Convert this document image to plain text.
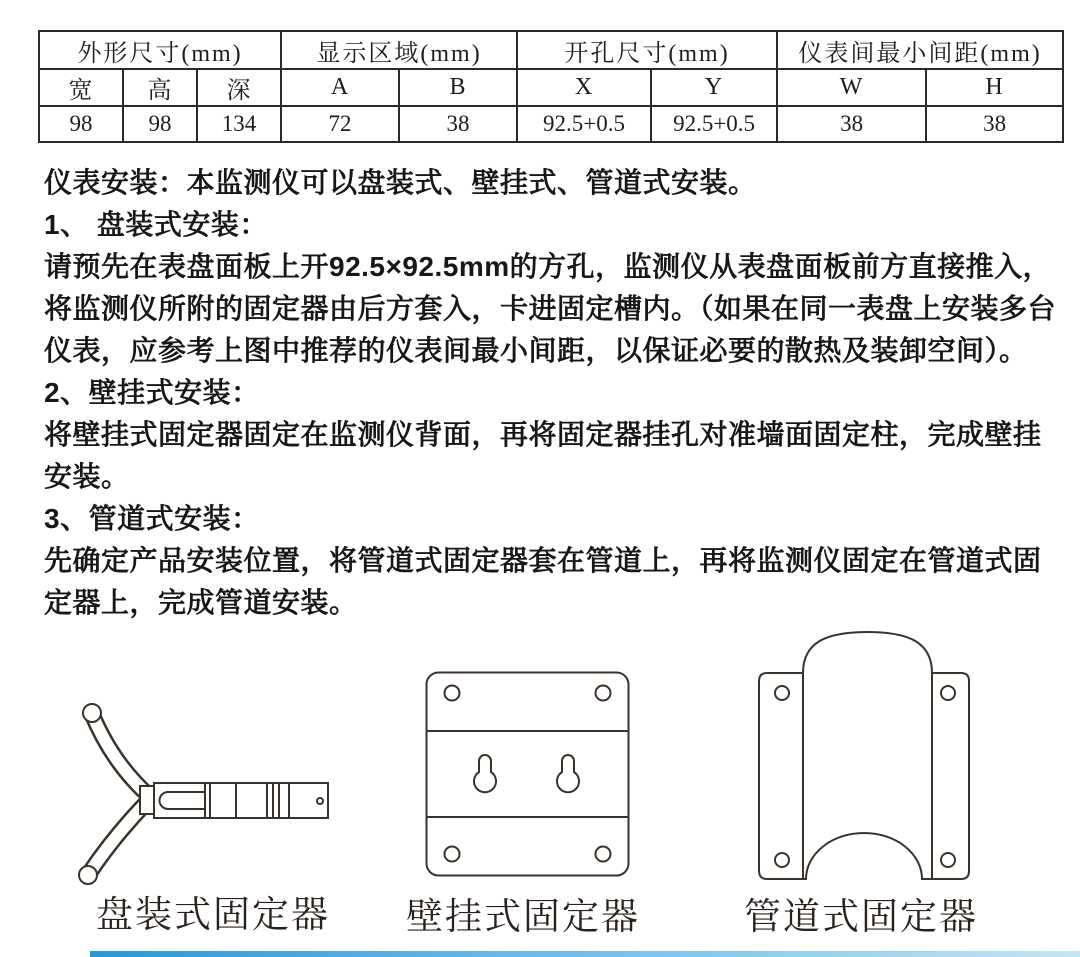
外形尺寸(mm)			显示区域(mm)		开孔尺寸(mm)		仪表间最小间距(mm)	
宽	高	深	A	B	X	Y	W	H
98	98	134	72	38	92.5+0.5	92.5+0.5	38	38

仪表安装：本监测仪可以盘装式、壁挂式、管道式安装。

1、 盘装式安装：

请预先在表盘面板上开92.5×92.5mm的方孔，监测仪从表盘面板前方直接推入，将监测仪所附的固定器由后方套入，卡进固定槽内。（如果在同一表盘上安装多台仪表，应参考上图中推荐的仪表间最小间距，以保证必要的散热及装卸空间）。

2、壁挂式安装：

将壁挂式固定器固定在监测仪背面，再将固定器挂孔对准墙面固定柱，完成壁挂安装。

3、管道式安装：

先确定产品安装位置，将管道式固定器套在管道上，再将监测仪固定在管道式固定器上，完成管道安装。

盘装式固定器	壁挂式固定器	管道式固定器
